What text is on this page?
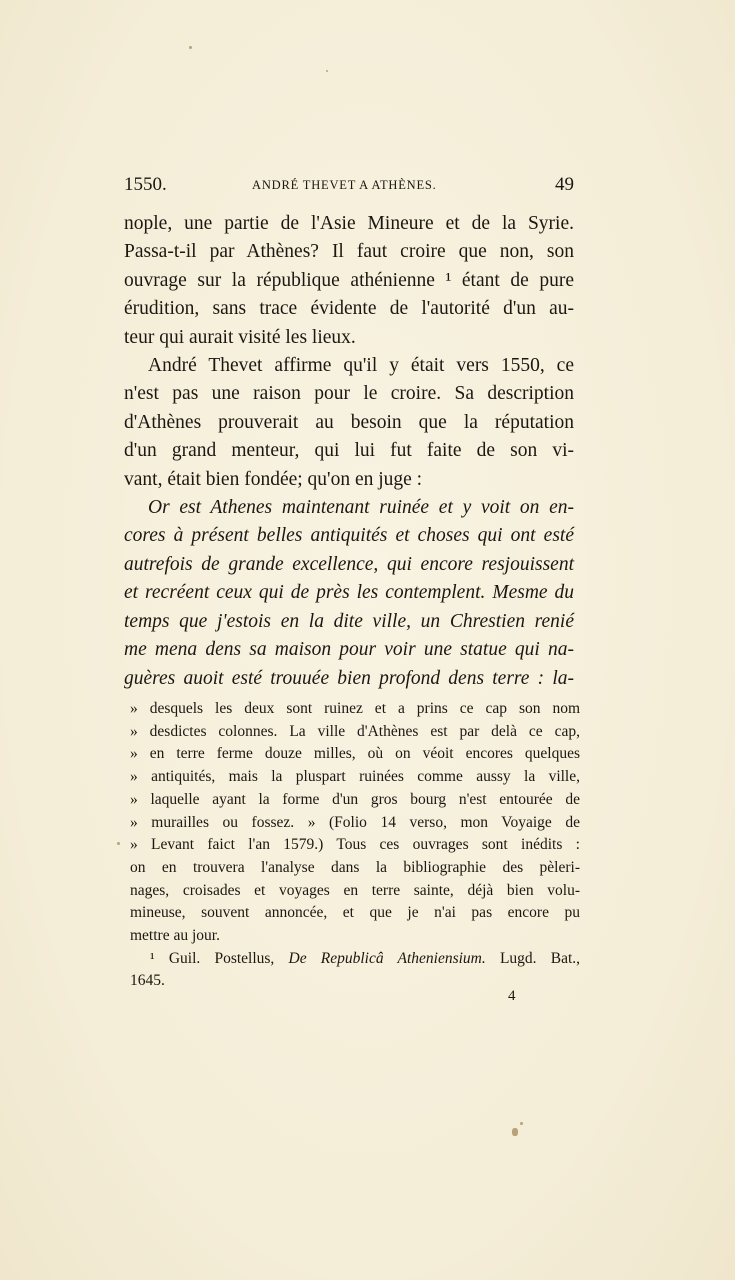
1550.	ANDRÉ THEVET A ATHÈNES.	49
nople, une partie de l'Asie Mineure et de la Syrie.
Passa-t-il par Athènes? Il faut croire que non, son
ouvrage sur la république athénienne ¹ étant de pure
érudition, sans trace évidente de l'autorité d'un au-
teur qui aurait visité les lieux.
André Thevet affirme qu'il y était vers 1550, ce
n'est pas une raison pour le croire. Sa description
d'Athènes prouverait au besoin que la réputation
d'un grand menteur, qui lui fut faite de son vi-
vant, était bien fondée; qu'on en juge :
Or est Athenes maintenant ruinée et y voit on en-
cores à présent belles antiquités et choses qui ont esté
autrefois de grande excellence, qui encore resjouissent
et recréent ceux qui de près les contemplent. Mesme du
temps que j'estois en la dite ville, un Chrestien renié
me mena dens sa maison pour voir une statue qui na-
guères auoit esté trouuée bien profond dens terre : la-
» desquels les deux sont ruinez et a prins ce cap son nom
» desdictes colonnes. La ville d'Athènes est par delà ce cap,
» en terre ferme douze milles, où on véoit encores quelques
» antiquités, mais la pluspart ruinées comme aussy la ville,
» laquelle ayant la forme d'un gros bourg n'est entourée de
» murailles ou fossez. » (Folio 14 verso, mon Voyaige de
» Levant faict l'an 1579.) Tous ces ouvrages sont inédits :
on en trouvera l'analyse dans la bibliographie des pèleri-
nages, croisades et voyages en terre sainte, déjà bien volu-
mineuse, souvent annoncée, et que je n'ai pas encore pu
mettre au jour.
¹ Guil. Postellus, De Republicâ Atheniensium. Lugd. Bat.,
1645.
4
